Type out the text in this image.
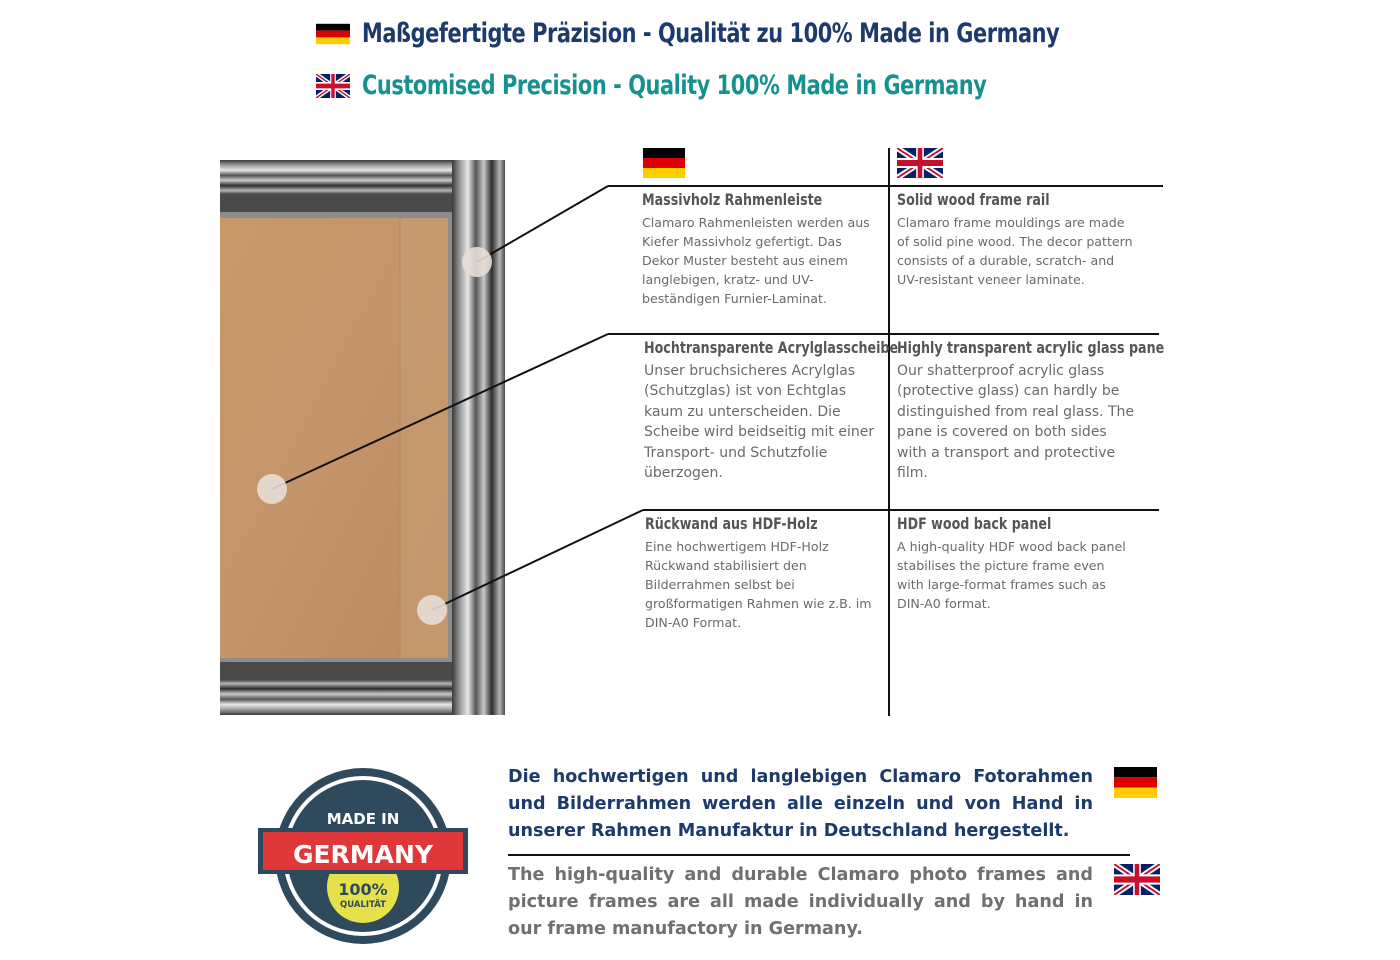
Maßgefertigte Präzision - Qualität zu 100% Made in Germany
Customised Precision - Quality 100% Made in Germany
Massivholz Rahmenleiste
Clamaro Rahmenleisten werden aus Kiefer Massivholz gefertigt. Das Dekor Muster besteht aus einem langlebigen, kratz- und UV-beständigen Furnier-Laminat.
Solid wood frame rail
Clamaro frame mouldings are made of solid pine wood. The decor pattern consists of a durable, scratch- and UV-resistant veneer laminate.
Hochtransparente Acrylglasscheibe
Unser bruchsicheres Acrylglas (Schutzglas) ist von Echtglas kaum zu unterscheiden. Die Scheibe wird beidseitig mit einer Transport- und Schutzfolie überzogen.
Highly transparent acrylic glass pane
Our shatterproof acrylic glass (protective glass) can hardly be distinguished from real glass. The pane is covered on both sides with a transport and protective film.
Rückwand aus HDF-Holz
Eine hochwertigem HDF-Holz Rückwand stabilisiert den Bilderrahmen selbst bei großformatigen Rahmen wie z.B. im DIN-A0 Format.
HDF wood back panel
A high-quality HDF wood back panel stabilises the picture frame even with large-format frames such as DIN-A0 format.
MADE IN
GERMANY
100%
QUALITÄT
Die hochwertigen und langlebigen Clamaro Fotorahmen und Bilderrahmen werden alle einzeln und von Hand in unserer Rahmen Manufaktur in Deutschland hergestellt.
The high-quality and durable Clamaro photo frames and picture frames are all made individually and by hand in our frame manufactory in Germany.
